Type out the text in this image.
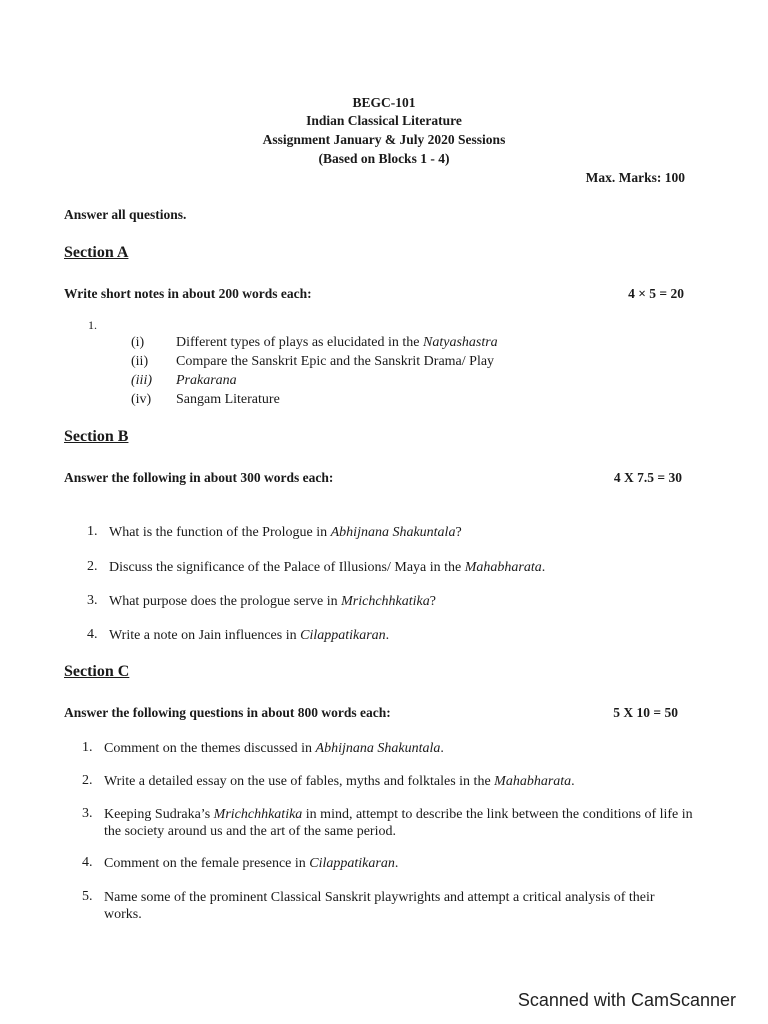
BEGC-101
Indian Classical Literature
Assignment January & July 2020 Sessions
(Based on Blocks 1 - 4)
Max. Marks: 100
Answer all questions.
Section A
Write short notes in about 200 words each:	4 × 5 = 20
1.
(i) Different types of plays as elucidated in the Natyashastra
(ii) Compare the Sanskrit Epic and the Sanskrit Drama/ Play
(iii) Prakarana
(iv) Sangam Literature
Section B
Answer the following in about 300 words each:	4 X 7.5 = 30
1. What is the function of the Prologue in Abhijnana Shakuntala?
2. Discuss the significance of the Palace of Illusions/ Maya in the Mahabharata.
3. What purpose does the prologue serve in Mrichchhkatika?
4. Write a note on Jain influences in Cilappatikaran.
Section C
Answer the following questions in about 800 words each:	5 X 10 = 50
1. Comment on the themes discussed in Abhijnana Shakuntala.
2. Write a detailed essay on the use of fables, myths and folktales in the Mahabharata.
3. Keeping Sudraka’s Mrichchhkatika in mind, attempt to describe the link between the conditions of life in the society around us and the art of the same period.
4. Comment on the female presence in Cilappatikaran.
5. Name some of the prominent Classical Sanskrit playwrights and attempt a critical analysis of their works.
Scanned with CamScanner
